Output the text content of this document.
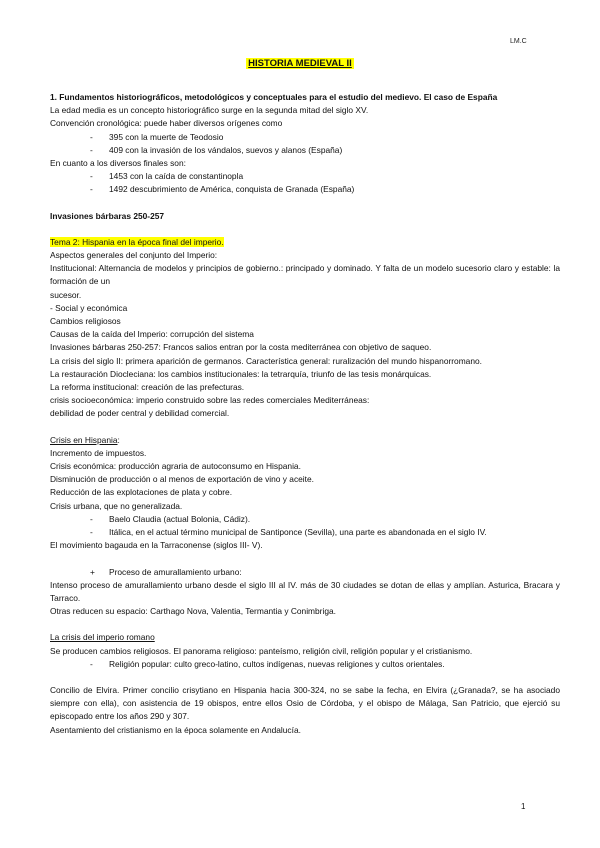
LM.C
HISTORIA MEDIEVAL II
1. Fundamentos historiográficos, metodológicos y conceptuales para el estudio del medievo. El caso de España
La edad media es un concepto historiográfico surge en la segunda mitad del siglo XV.
Convención cronológica: puede haber diversos orígenes como
- 395 con la muerte de Teodosio
- 409 con la invasión de los vándalos, suevos y alanos (España)
En cuanto a los diversos finales son:
- 1453 con la caída de constantinopla
- 1492 descubrimiento de América, conquista de Granada (España)
Invasiones bárbaras 250-257
Tema 2: Hispania en la época final del imperio.
Aspectos generales del conjunto del Imperio:
Institucional: Alternancia de modelos y principios de gobierno.: principado y dominado. Y falta de un modelo sucesorio claro y estable: la formación de un
sucesor.
- Social y económica
Cambios religiosos
Causas de la caída del Imperio: corrupción del sistema
Invasiones bárbaras 250-257: Francos salios entran por la costa mediterránea con objetivo de saqueo.
La crisis del siglo II: primera aparición de germanos. Característica general: ruralización del mundo hispanorromano.
La restauración Diocleciana: los cambios institucionales: la tetrarquía, triunfo de las tesis monárquicas.
La reforma institucional: creación de las prefecturas.
crisis socioeconómica: imperio construido sobre las redes comerciales Mediterráneas:
debilidad de poder central y debilidad comercial.
Crisis en Hispania:
Incremento de impuestos.
Crisis económica: producción agraria de autoconsumo en Hispania.
Disminución de producción o al menos de exportación de vino y aceite.
Reducción de las explotaciones de plata y cobre.
Crisis urbana, que no generalizada.
- Baelo Claudia (actual Bolonia, Cádiz).
- Itálica, en el actual término municipal de Santiponce (Sevilla), una parte es abandonada en el siglo IV.
El movimiento bagauda en la Tarraconense (siglos III- V).
+ Proceso de amurallamiento urbano:
Intenso proceso de amurallamiento urbano desde el siglo III al IV. más de 30 ciudades se dotan de ellas y amplían. Asturica, Bracara y Tarraco.
Otras reducen su espacio: Carthago Nova, Valentia, Termantia y Conimbriga.
La crisis del imperio romano
Se producen cambios religiosos. El panorama religioso: panteísmo, religión civil, religión popular y el cristianismo.
- Religión popular: culto greco-latino, cultos indígenas, nuevas religiones y cultos orientales.
Concilio de Elvira. Primer concilio crisytiano en Hispania hacia 300-324, no se sabe la fecha, en Elvira (¿Granada?, se ha asociado siempre con ella), con asistencia de 19 obispos, entre ellos Osio de Córdoba, y el obispo de Málaga, San Patricio, que ejerció su episcopado entre los años 290 y 307.
Asentamiento del cristianismo en la época solamente en Andalucía.
1
